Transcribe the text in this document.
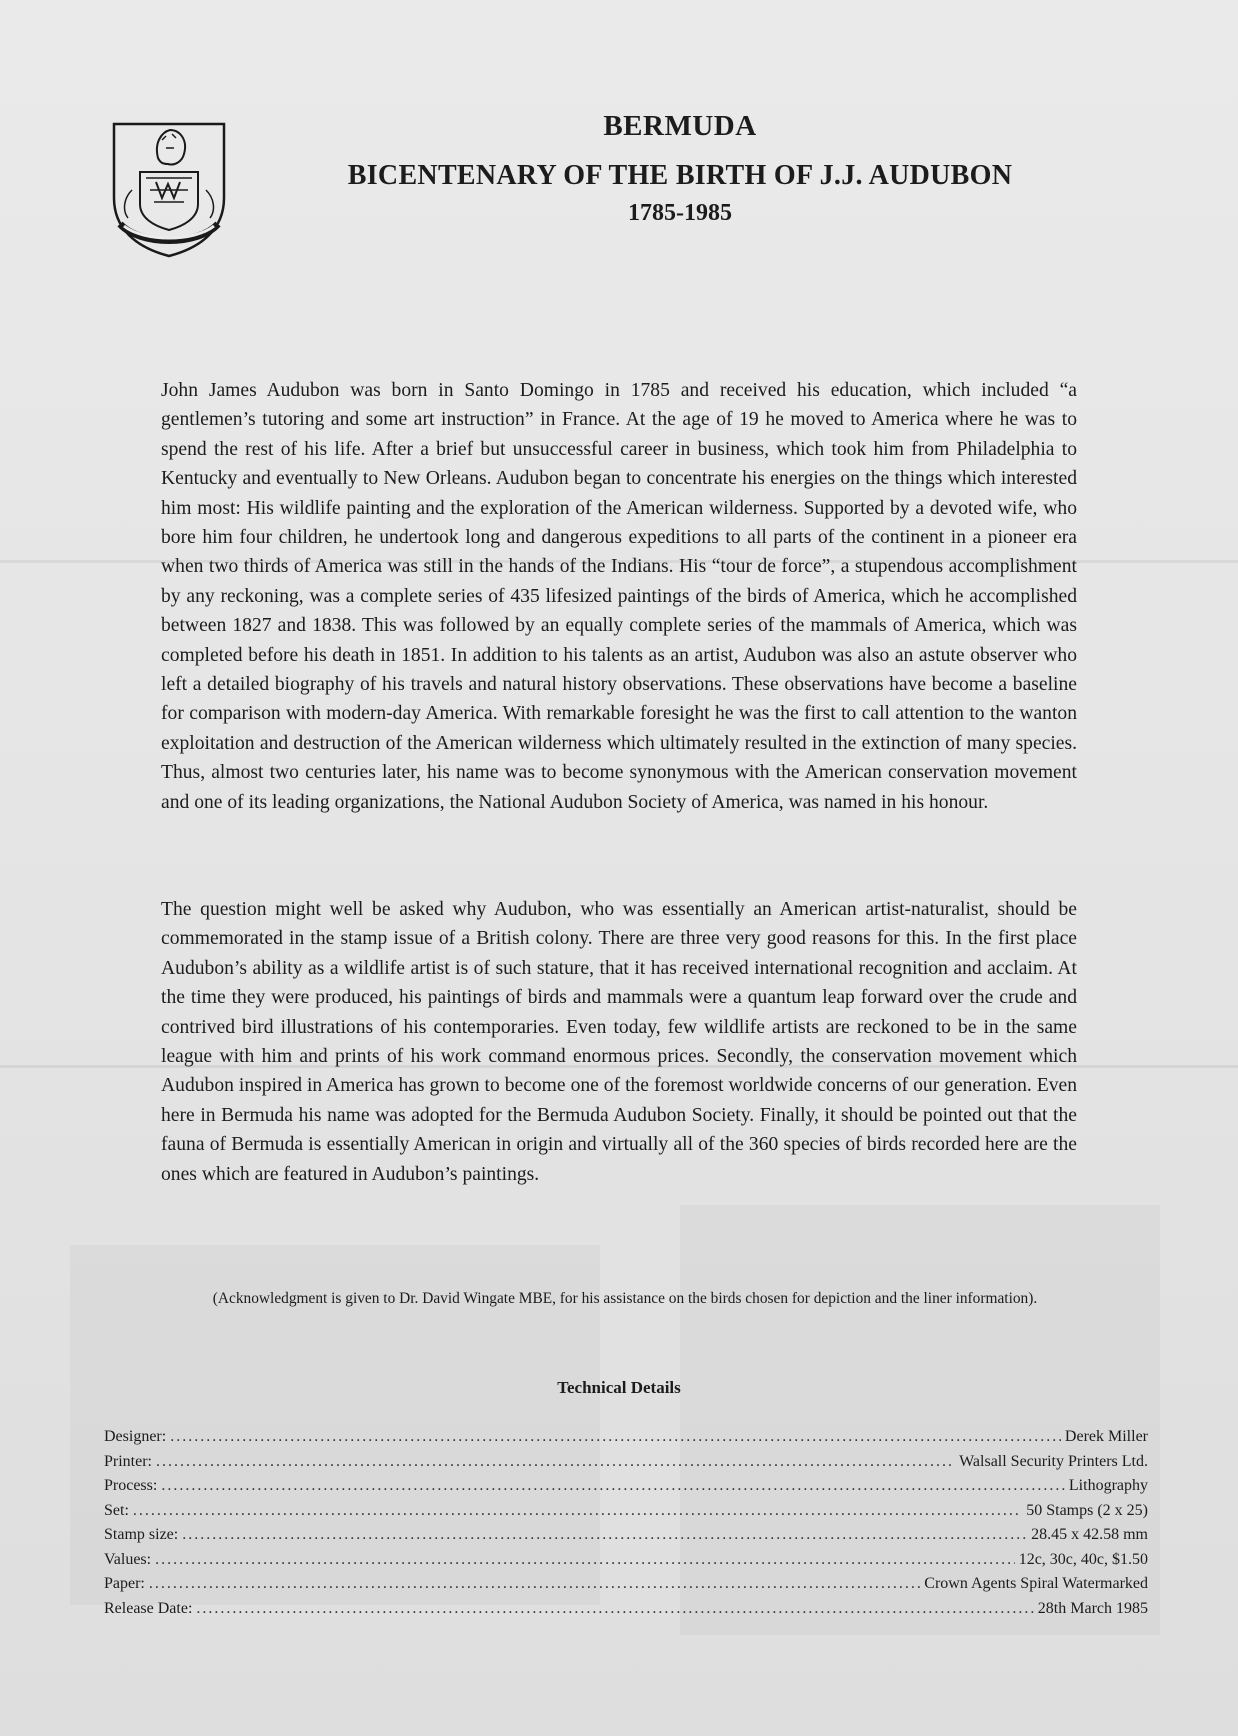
BERMUDA
BICENTENARY OF THE BIRTH OF J.J. AUDUBON
1785-1985

John James Audubon was born in Santo Domingo in 1785 and received his education, which included “a gentlemen’s tutoring and some art instruction” in France. At the age of 19 he moved to America where he was to spend the rest of his life. After a brief but unsuccessful career in business, which took him from Philadelphia to Kentucky and eventually to New Orleans. Audubon began to concentrate his energies on the things which interested him most: His wildlife painting and the exploration of the American wilderness. Supported by a devoted wife, who bore him four children, he undertook long and dangerous expeditions to all parts of the continent in a pioneer era when two thirds of America was still in the hands of the Indians. His “tour de force”, a stupendous accomplishment by any reckoning, was a complete series of 435 lifesized paintings of the birds of America, which he accomplished between 1827 and 1838. This was followed by an equally complete series of the mammals of America, which was completed before his death in 1851. In addition to his talents as an artist, Audubon was also an astute observer who left a detailed biography of his travels and natural history observations. These observations have become a baseline for comparison with modern-day America. With remarkable foresight he was the first to call attention to the wanton exploitation and destruction of the American wilderness which ultimately resulted in the extinction of many species. Thus, almost two centuries later, his name was to become synonymous with the American conservation movement and one of its leading organizations, the National Audubon Society of America, was named in his honour.

The question might well be asked why Audubon, who was essentially an American artist-naturalist, should be commemorated in the stamp issue of a British colony. There are three very good reasons for this. In the first place Audubon’s ability as a wildlife artist is of such stature, that it has received international recognition and acclaim. At the time they were produced, his paintings of birds and mammals were a quantum leap forward over the crude and contrived bird illustrations of his contemporaries. Even today, few wildlife artists are reckoned to be in the same league with him and prints of his work command enormous prices. Secondly, the conservation movement which Audubon inspired in America has grown to become one of the foremost worldwide concerns of our generation. Even here in Bermuda his name was adopted for the Bermuda Audubon Society. Finally, it should be pointed out that the fauna of Bermuda is essentially American in origin and virtually all of the 360 species of birds recorded here are the ones which are featured in Audubon’s paintings.

(Acknowledgment is given to Dr. David Wingate MBE, for his assistance on the birds chosen for depiction and the liner information).

Technical Details
Designer: .....	Derek Miller
Printer: .....	Walsall Security Printers Ltd.
Process: .....	Lithography
Set: .....	50 Stamps (2 x 25)
Stamp size: .....	28.45 x 42.58 mm
Values: .....	12c, 30c, 40c, $1.50
Paper: .....	Crown Agents Spiral Watermarked
Release Date: .....	28th March 1985
